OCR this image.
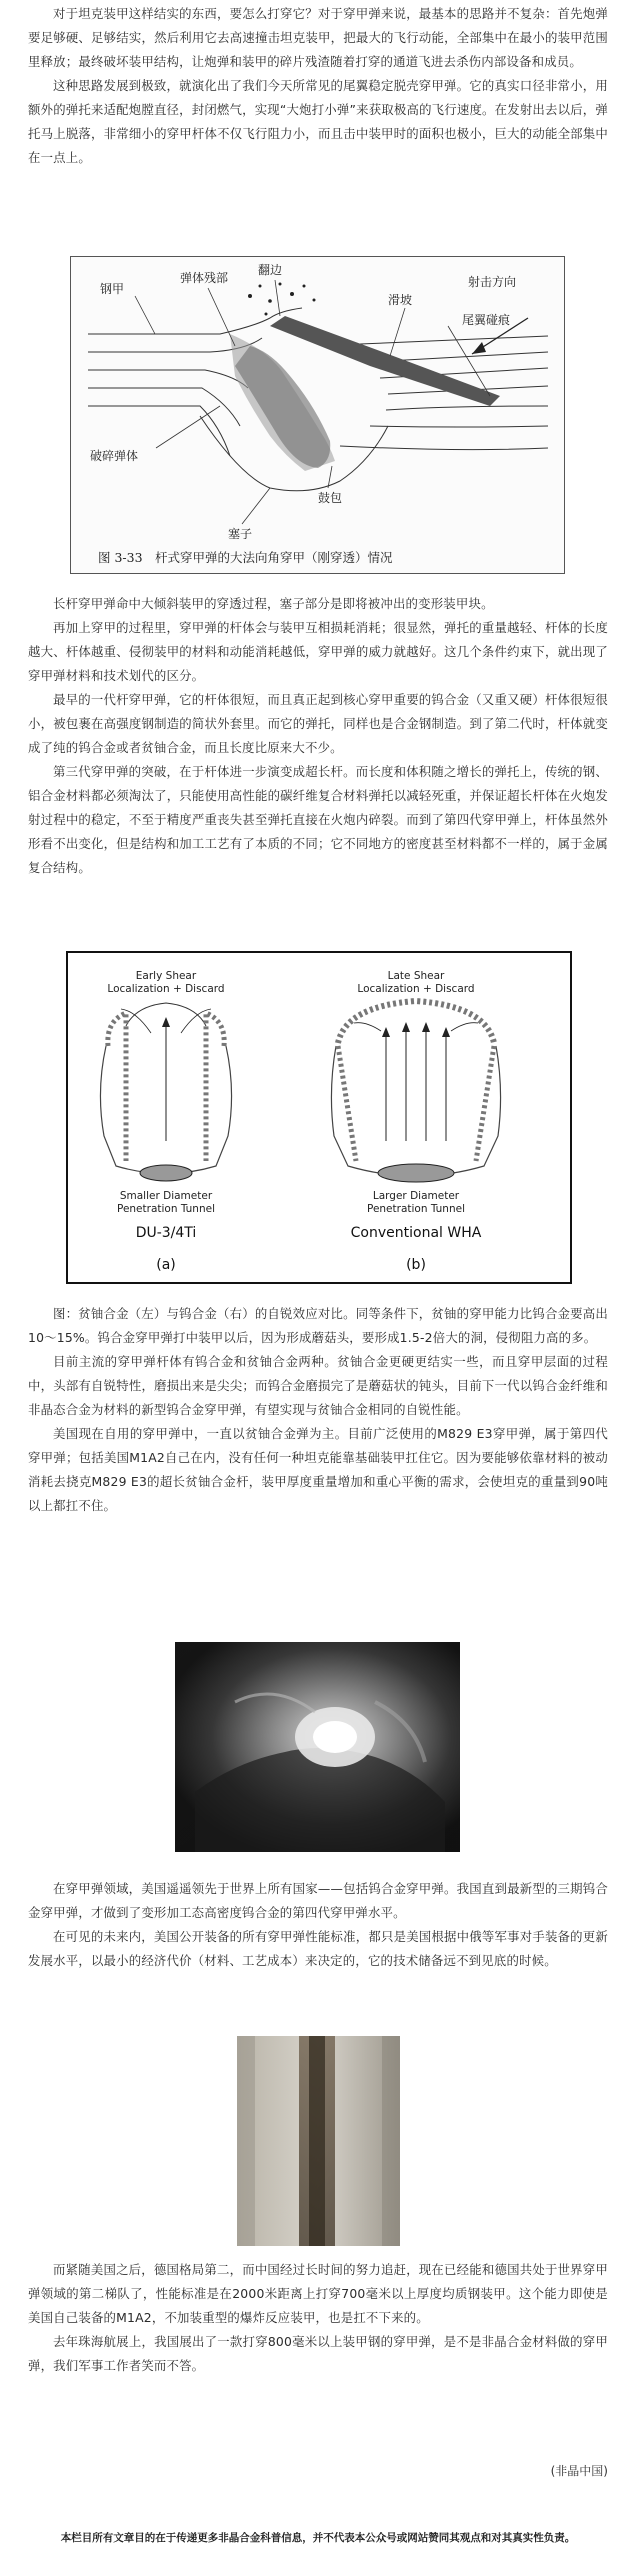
对于坦克装甲这样结实的东西，要怎么打穿它？对于穿甲弹来说，最基本的思路并不复杂：首先炮弹要足够硬、足够结实，然后利用它去高速撞击坦克装甲，把最大的飞行动能，全部集中在最小的装甲范围里释放；最终破坏装甲结构，让炮弹和装甲的碎片残渣随着打穿的通道飞进去杀伤内部设备和成员。

这种思路发展到极致，就演化出了我们今天所常见的尾翼稳定脱壳穿甲弹。它的真实口径非常小，用额外的弹托来适配炮膛直径，封闭燃气，实现“大炮打小弹”来获取极高的飞行速度。在发射出去以后，弹托马上脱落，非常细小的穿甲杆体不仅飞行阻力小，而且击中装甲时的面积也极小，巨大的动能全部集中在一点上。

钢甲
弹体残部
翻边
射击方向
滑坡
尾翼碰痕
破碎弹体
鼓包
塞子
图 3-33　杆式穿甲弹的大法向角穿甲（刚穿透）情况

长杆穿甲弹命中大倾斜装甲的穿透过程，塞子部分是即将被冲出的变形装甲块。

再加上穿甲的过程里，穿甲弹的杆体会与装甲互相损耗消耗；很显然，弹托的重量越轻、杆体的长度越大、杆体越重、侵彻装甲的材料和动能消耗越低，穿甲弹的威力就越好。这几个条件约束下，就出现了穿甲弹材料和技术划代的区分。

最早的一代杆穿甲弹，它的杆体很短，而且真正起到核心穿甲重要的钨合金（又重又硬）杆体很短很小，被包裹在高强度钢制造的简状外套里。而它的弹托，同样也是合金钢制造。到了第二代时，杆体就变成了纯的钨合金或者贫铀合金，而且长度比原来大不少。

第三代穿甲弹的突破，在于杆体进一步演变成超长杆。而长度和体积随之增长的弹托上，传统的钢、铝合金材料都必须淘汰了，只能使用高性能的碳纤维复合材料弹托以减轻死重，并保证超长杆体在火炮发射过程中的稳定，不至于精度严重丧失甚至弹托直接在火炮内碎裂。而到了第四代穿甲弹上，杆体虽然外形看不出变化，但是结构和加工工艺有了本质的不同；它不同地方的密度甚至材料都不一样的，属于金属复合结构。

Early Shear
Localization + Discard
Smaller Diameter
Penetration Tunnel
DU-3/4Ti
(a)
Late Shear
Localization + Discard
Larger Diameter
Penetration Tunnel
Conventional WHA
(b)

图：贫铀合金（左）与钨合金（右）的自锐效应对比。同等条件下，贫铀的穿甲能力比钨合金要高出10～15%。钨合金穿甲弹打中装甲以后，因为形成蘑菇头，要形成1.5-2倍大的洞，侵彻阻力高的多。

目前主流的穿甲弹杆体有钨合金和贫铀合金两种。贫铀合金更硬更结实一些，而且穿甲层面的过程中，头部有自锐特性，磨损出来是尖尖；而钨合金磨损完了是蘑菇状的钝头，目前下一代以钨合金纤维和非晶态合金为材料的新型钨合金穿甲弹，有望实现与贫铀合金相同的自锐性能。

美国现在自用的穿甲弹中，一直以贫铀合金弹为主。目前广泛使用的M829 E3穿甲弹，属于第四代穿甲弹；包括美国M1A2自己在内，没有任何一种坦克能靠基础装甲扛住它。因为要能够依靠材料的被动消耗去挠克M829 E3的超长贫铀合金杆，装甲厚度重量增加和重心平衡的需求，会使坦克的重量到90吨以上都扛不住。

在穿甲弹领域，美国遥遥领先于世界上所有国家——包括钨合金穿甲弹。我国直到最新型的三期钨合金穿甲弹，才做到了变形加工态高密度钨合金的第四代穿甲弹水平。

在可见的未来内，美国公开装备的所有穿甲弹性能标准，都只是美国根据中俄等军事对手装备的更新发展水平，以最小的经济代价（材料、工艺成本）来决定的，它的技术储备远不到见底的时候。

而紧随美国之后，德国格局第二，而中国经过长时间的努力追赶，现在已经能和德国共处于世界穿甲弹领域的第二梯队了，性能标准是在2000米距离上打穿700毫米以上厚度均质钢装甲。这个能力即使是美国自己装备的M1A2，不加装重型的爆炸反应装甲，也是扛不下来的。

去年珠海航展上，我国展出了一款打穿800毫米以上装甲钢的穿甲弹，是不是非晶合金材料做的穿甲弹，我们军事工作者笑而不答。

(非晶中国)
本栏目所有文章目的在于传递更多非晶合金科普信息，并不代表本公众号或网站赞同其观点和对其真实性负责。
